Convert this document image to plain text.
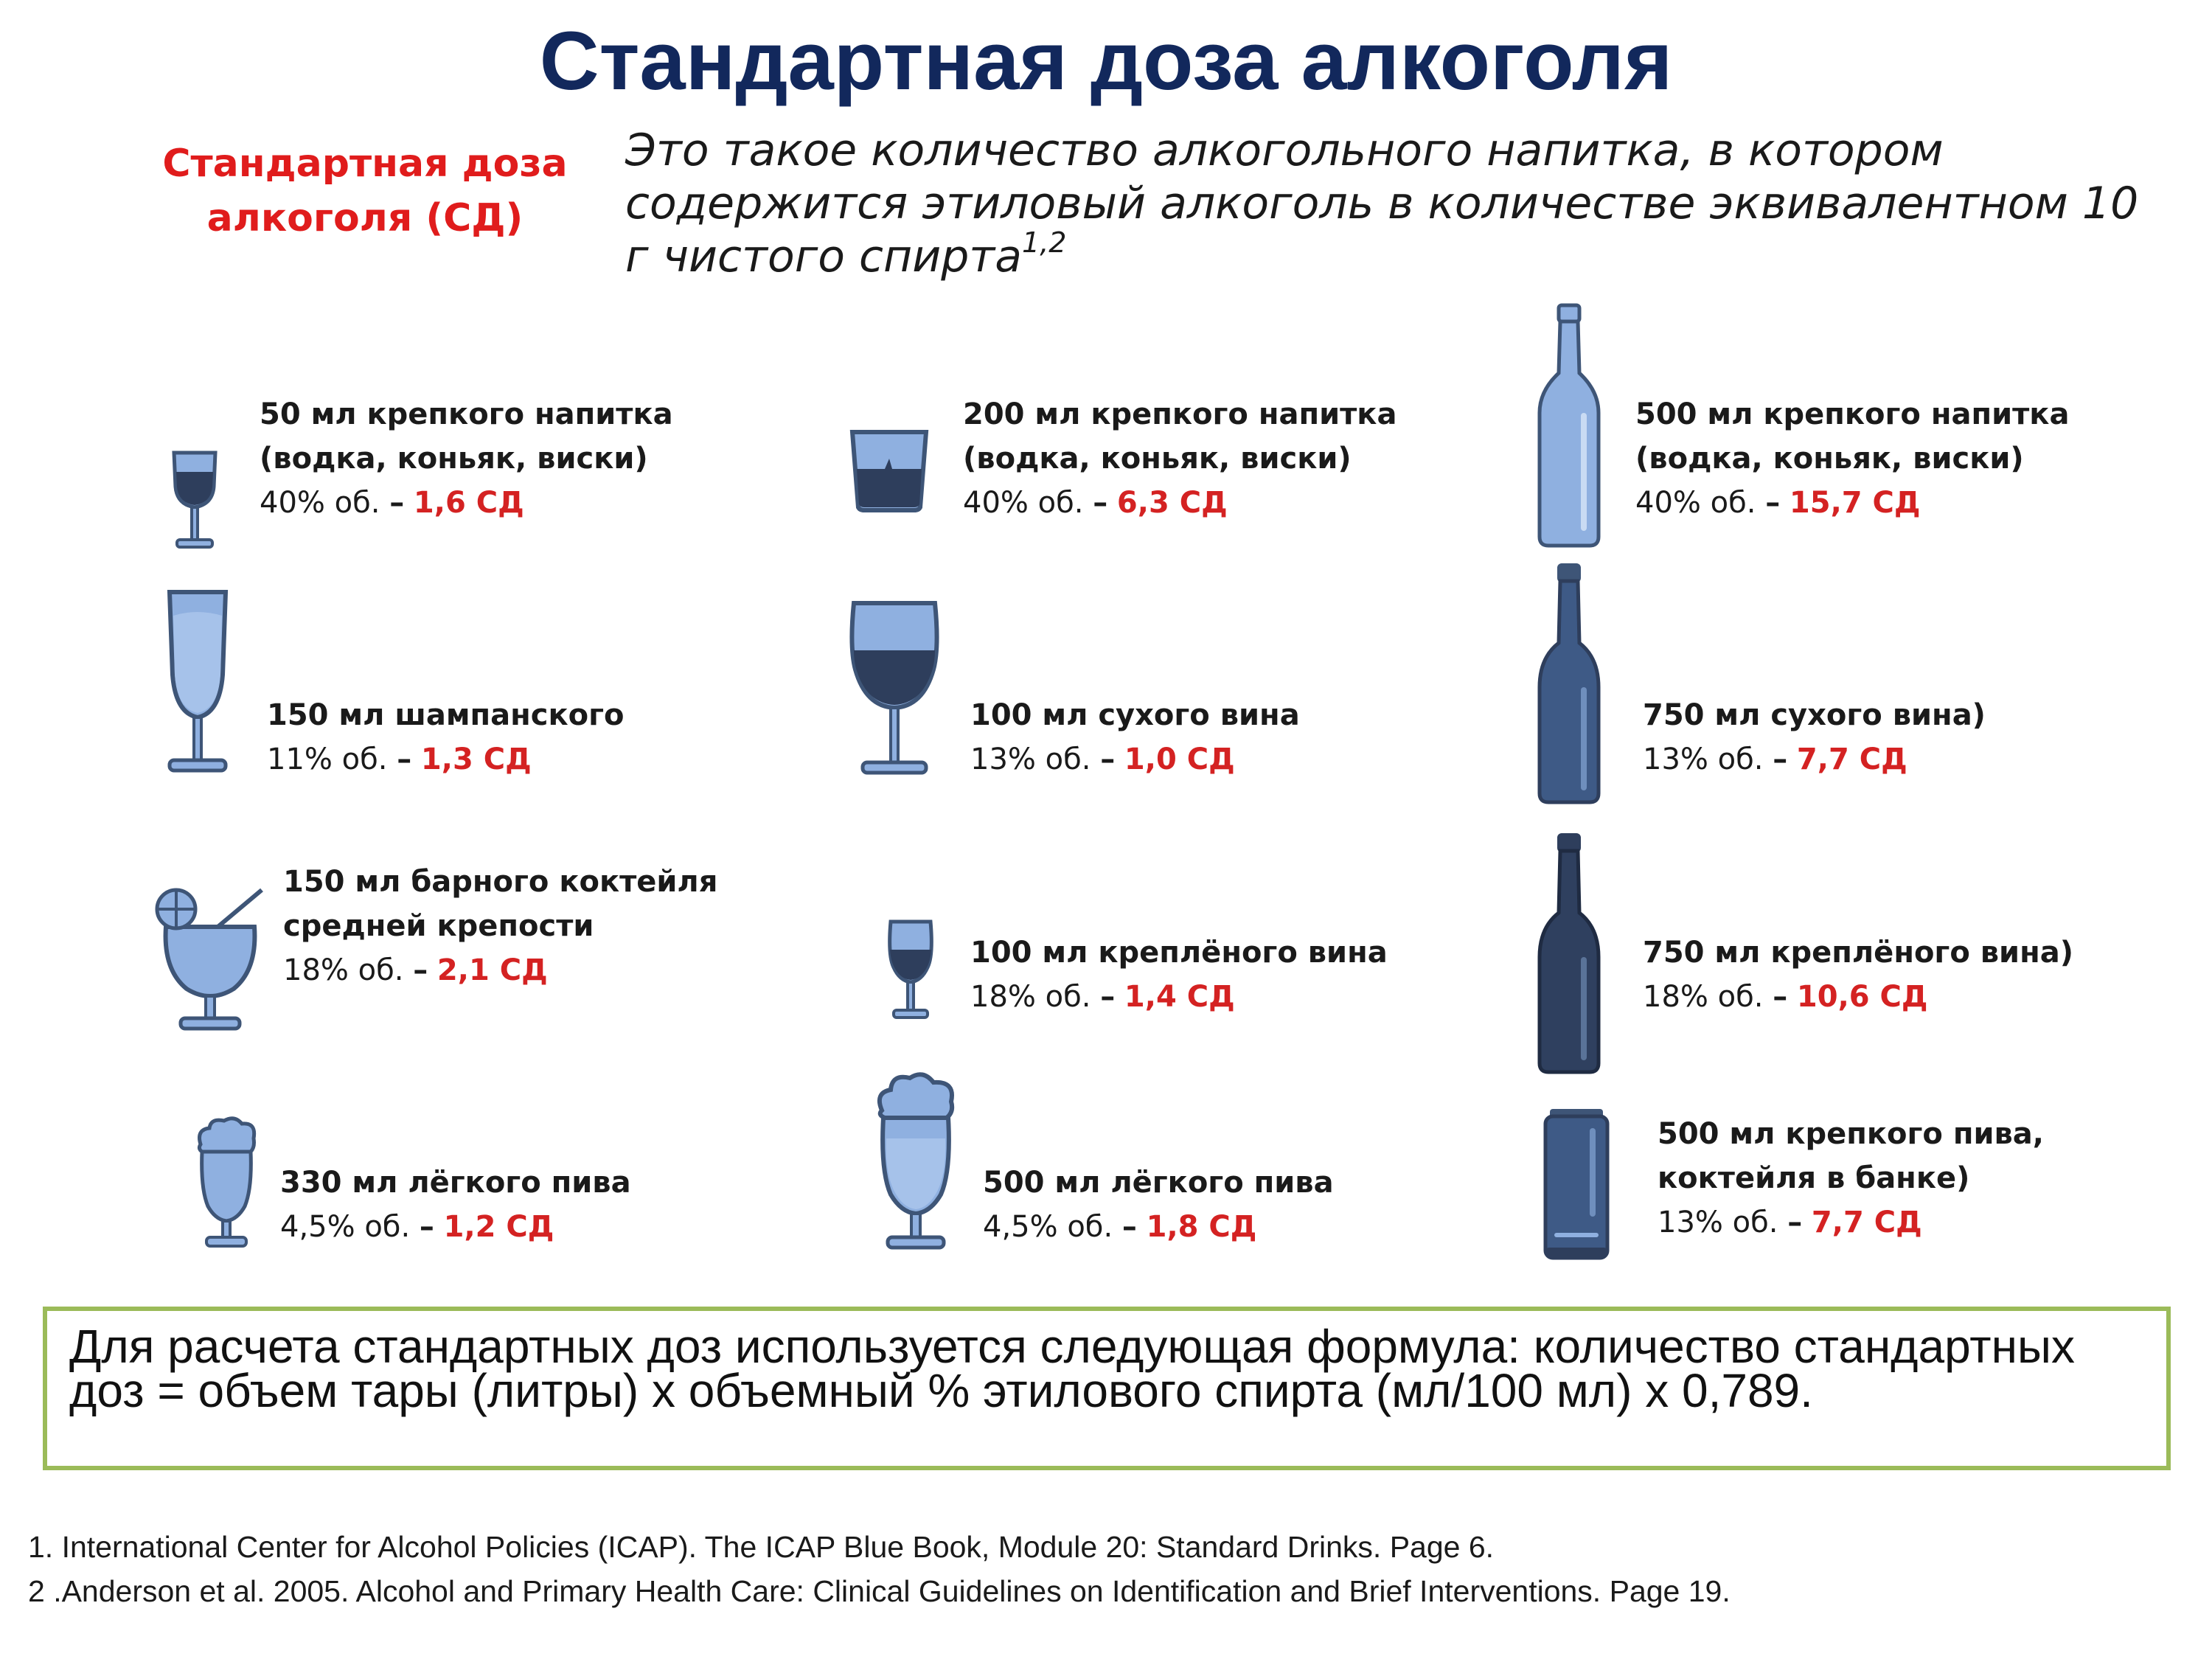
Стандартная доза алкоголя
Стандартная доза алкоголя (СД)
Это такое количество алкогольного напитка, в котором содержится этиловый алкоголь в количестве эквивалентном 10 г чистого спирта$^{1,2}$
50 мл крепкого напитка
(водка, коньяк, виски)
40% об. – 1,6 СД
200 мл крепкого напитка
(водка, коньяк, виски)
40% об. – 6,3 СД
500 мл крепкого напитка
(водка, коньяк, виски)
40% об. – 15,7 СД
150 мл шампанского
11% об. – 1,3 СД
100 мл сухого вина
13% об. – 1,0 СД
750 мл сухого вина)
13% об. – 7,7 СД
150 мл барного коктейля
средней крепости
18% об. – 2,1 СД
100 мл креплёного вина
18% об. – 1,4 СД
750 мл креплёного вина)
18% об. – 10,6 СД
330 мл лёгкого пива
4,5% об. – 1,2 СД
500 мл лёгкого пива
4,5% об. – 1,8 СД
500 мл крепкого пива,
коктейля в банке)
13% об. – 7,7 СД
Для расчета стандартных доз используется следующая формула: количество стандартных доз = объем тары (литры) х объемный % этилового спирта (мл/100 мл) х 0,789.
1. International Center for Alcohol Policies (ICAP). The ICAP Blue Book, Module 20: Standard Drinks. Page 6.
2 .Anderson et al. 2005. Alcohol and Primary Health Care: Clinical Guidelines on Identification and Brief Interventions. Page 19.
